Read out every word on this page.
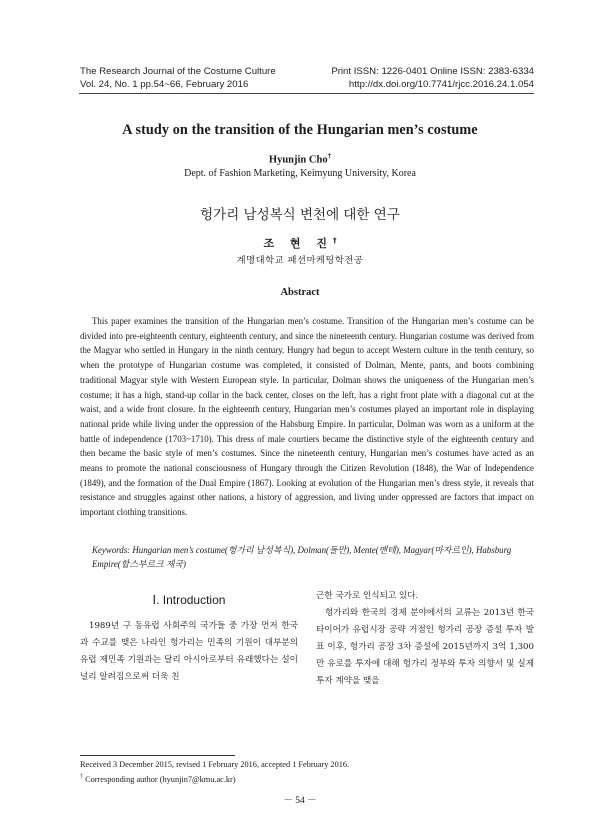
The Research Journal of the Costume Culture
Vol. 24, No. 1 pp.54~66, February 2016
Print ISSN: 1226-0401 Online ISSN: 2383-6334
http://dx.doi.org/10.7741/rjcc.2016.24.1.054
A study on the transition of the Hungarian men’s costume
Hyunjin Cho†
Dept. of Fashion Marketing, Keimyung University, Korea
헝가리 남성복식 변천에 대한 연구
조 현 진†
계명대학교 패션마케팅학전공
Abstract
This paper examines the transition of the Hungarian men’s costume. Transition of the Hungarian men’s costume can be divided into pre-eighteenth century, eighteenth century, and since the nineteenth century. Hungarian costume was derived from the Magyar who settled in Hungary in the ninth century. Hungry had begun to accept Western culture in the tenth century, so when the prototype of Hungarian costume was completed, it consisted of Dolman, Mente, pants, and boots combining traditional Magyar style with Western European style. In particular, Dolman shows the uniqueness of the Hungarian men’s costume; it has a high, stand-up collar in the back center, closes on the left, has a right front plate with a diagonal cut at the waist, and a wide front closure. In the eighteenth century, Hungarian men’s costumes played an important role in displaying national pride while living under the oppression of the Habsburg Empire. In particular, Dolman was worn as a uniform at the battle of independence (1703~1710). This dress of male courtiers became the distinctive style of the eighteenth century and then became the basic style of men’s costumes. Since the nineteenth century, Hungarian men’s costumes have acted as an means to promote the national consciousness of Hungary through the Citizen Revolution (1848), the War of Independence (1849), and the formation of the Dual Empire (1867). Looking at evolution of the Hungarian men’s dress style, it reveals that resistance and struggles against other nations, a history of aggression, and living under oppressed are factors that impact on important clothing transitions.
Keywords: Hungarian men’s costume(헝가리 남성복식), Dolman(돌만), Mente(멘테), Magyar(마자르인), Habsburg Empire(합스부르크 제국)
Ⅰ. Introduction

1989년 구 동유럽 사회주의 국가들 중 가장 먼저 한국과 수교를 맺은 나라인 헝가리는 민족의 기원이 대부분의 유럽 제민족 기원과는 달리 아시아로부터 유래했다는 설이 널리 알려짐으로써 더욱 친

근한 국가로 인식되고 있다.

헝가리와 한국의 경제 분야에서의 교류는 2013년 한국타이어가 유럽시장 공략 거점인 헝가리 공장 증설 투자 발표 이후, 헝가리 공장 3차 증설에 2015년까지 3억 1,300만 유로를 투자에 대해 헝가리 정부와 투자 의향서 및 실제 투자 계약을 맺을

Received 3 December 2015, revised 1 February 2016, accepted 1 February 2016.
† Corresponding author (hyunjin7@kmu.ac.kr)
－ 54 －
